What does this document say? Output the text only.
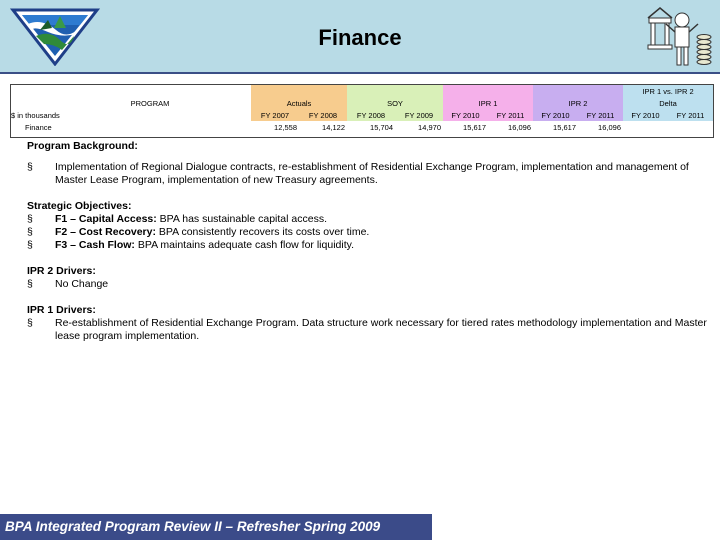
Finance
									IPR 1 vs. IPR 2	
PROGRAM	Actuals		SOY		IPR 1		IPR 2		Delta	
$ in thousands	FY 2007	FY 2008	FY 2008	FY 2009	FY 2010	FY 2011	FY 2010	FY 2011	FY 2010	FY 2011
Finance	12,558	14,122	15,704	14,970	15,617	16,096	15,617	16,096		

Program Background:

§	Implementation of Regional Dialogue contracts, re-establishment of Residential Exchange Program, implementation and management of Master Lease Program, implementation of new Treasury agreements.

Strategic Objectives:

§	F1 – Capital Access: BPA has sustainable capital access.
§	F2 – Cost Recovery: BPA consistently recovers its costs over time.
§	F3 – Cash Flow: BPA maintains adequate cash flow for liquidity.

IPR 2 Drivers:

§	No Change

IPR 1 Drivers:

§	Re-establishment of Residential Exchange Program. Data structure work necessary for tiered rates methodology implementation and Master lease program implementation.
BPA Integrated Program Review II – Refresher Spring 2009
